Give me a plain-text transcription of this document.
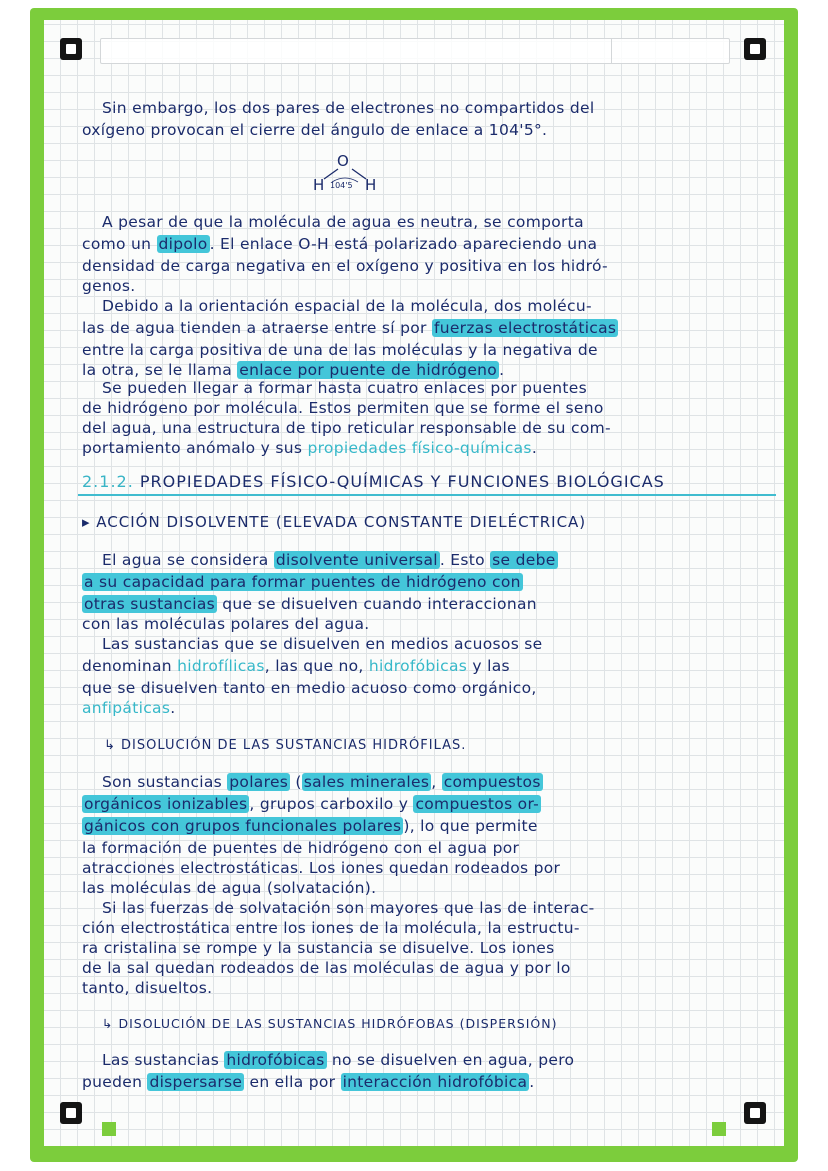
Sin embargo, los dos pares de electrones no compartidos del
oxígeno provocan el cierre del ángulo de enlace a 104'5°.
O
H 104'5 H
A pesar de que la molécula de agua es neutra, se comporta
como un dipolo . El enlace O-H está polarizado apareciendo una
densidad de carga negativa en el oxígeno y positiva en los hidró-
genos.
Debido a la orientación espacial de la molécula, dos molécu-
las de agua tienden a atraerse entre sí por fuerzas electrostáticas
entre la carga positiva de una de las moléculas y la negativa de
la otra, se le llama enlace por puente de hidrógeno .
Se pueden llegar a formar hasta cuatro enlaces por puentes
de hidrógeno por molécula. Estos permiten que se forme el seno
del agua, una estructura de tipo reticular responsable de su com-
portamiento anómalo y sus propiedades físico-químicas.
2.1.2. PROPIEDADES FÍSICO-QUÍMICAS Y FUNCIONES BIOLÓGICAS
▸ ACCIÓN DISOLVENTE (ELEVADA CONSTANTE DIELÉCTRICA)
El agua se considera disolvente universal . Esto se debe
a su capacidad para formar puentes de hidrógeno con
otras sustancias que se disuelven cuando interaccionan
con las moléculas polares del agua.
Las sustancias que se disuelven en medios acuosos se
denominan hidrofílicas, las que no, hidrofóbicas y las
que se disuelven tanto en medio acuoso como orgánico,
anfipáticas.
↳ DISOLUCIÓN DE LAS SUSTANCIAS HIDRÓFILAS.
Son sustancias polares ( sales minerales , compuestos
orgánicos ionizables , grupos carboxilo y compuestos or-
gánicos con grupos funcionales polares ), lo que permite
la formación de puentes de hidrógeno con el agua por
atracciones electrostáticas. Los iones quedan rodeados por
las moléculas de agua (solvatación).
Si las fuerzas de solvatación son mayores que las de interac-
ción electrostática entre los iones de la molécula, la estructu-
ra cristalina se rompe y la sustancia se disuelve. Los iones
de la sal quedan rodeados de las moléculas de agua y por lo
tanto, disueltos.
↳ DISOLUCIÓN DE LAS SUSTANCIAS HIDRÓFOBAS (DISPERSIÓN)
Las sustancias hidrofóbicas no se disuelven en agua, pero
pueden dispersarse en ella por interacción hidrofóbica .
